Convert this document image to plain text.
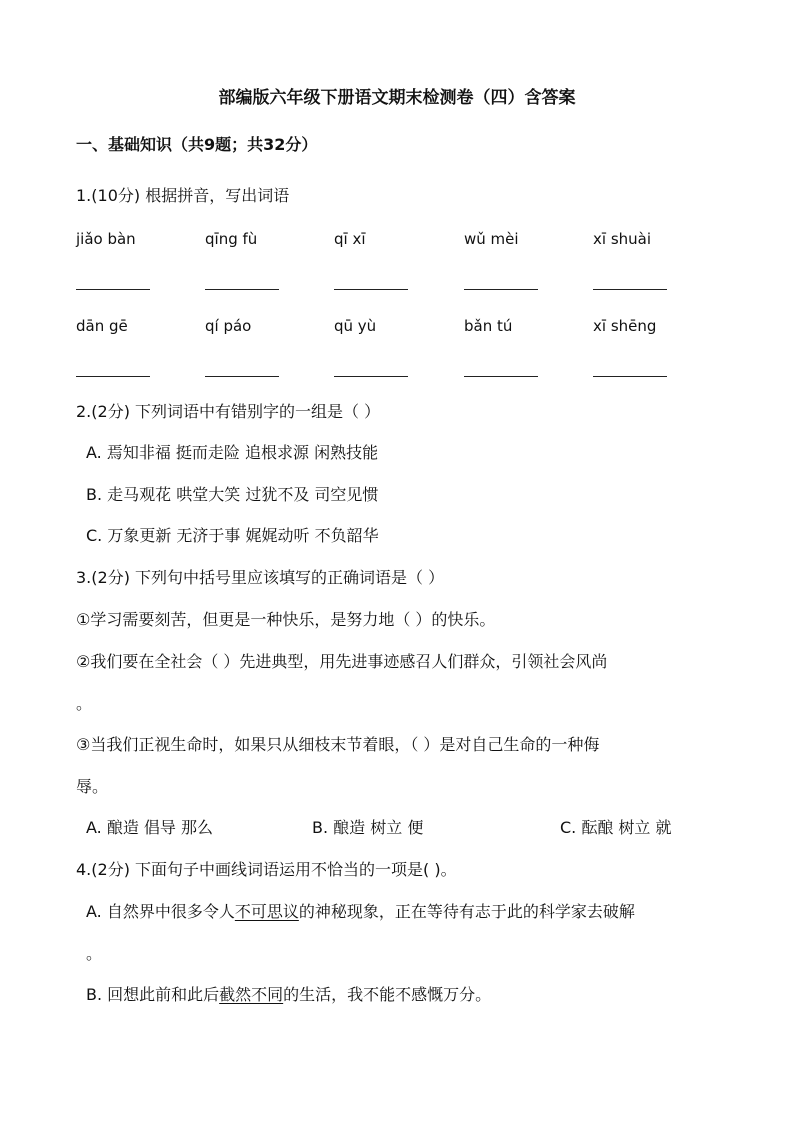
部编版六年级下册语文期末检测卷（四）含答案
一、基础知识（共9题；共32分）
1.(10分) 根据拼音，写出词语
jiǎo bàn	qīng fù	qī xī	wǔ mèi	xī shuài
dān gē	qí páo	qū yù	bǎn tú	xī shēng
2.(2分) 下列词语中有错别字的一组是（ ）
A. 焉知非福 挺而走险 追根求源 闲熟技能
B. 走马观花 哄堂大笑 过犹不及 司空见惯
C. 万象更新 无济于事 娓娓动听 不负韶华
3.(2分) 下列句中括号里应该填写的正确词语是（ ）
①学习需要刻苦，但更是一种快乐，是努力地（ ）的快乐。
②我们要在全社会（ ）先进典型，用先进事迹感召人们群众，引领社会风尚
。
③当我们正视生命时，如果只从细枝末节着眼，（ ）是对自己生命的一种侮
辱。
A. 酿造 倡导 那么	B. 酿造 树立 便	C. 酝酿 树立 就
4.(2分) 下面句子中画线词语运用不恰当的一项是( )。
A. 自然界中很多令人不可思议的神秘现象，正在等待有志于此的科学家去破解
。
B. 回想此前和此后截然不同的生活，我不能不感慨万分。
